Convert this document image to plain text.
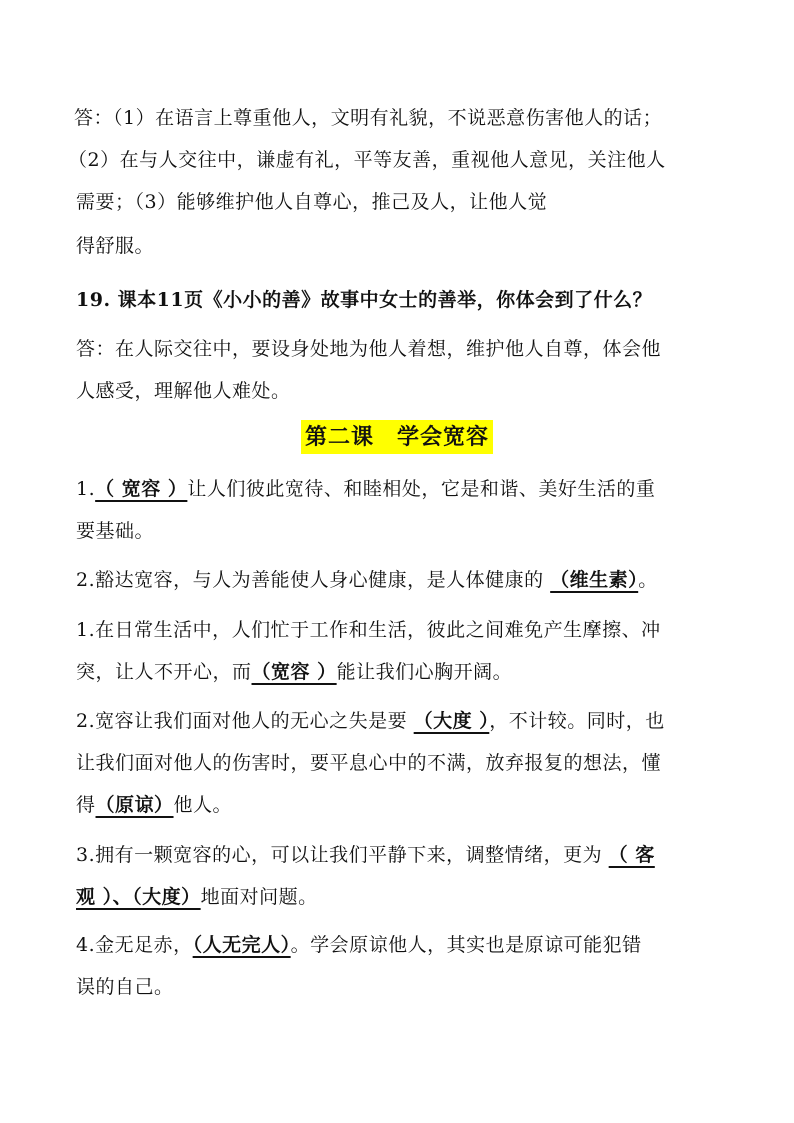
答：（1）在语言上尊重他人，文明有礼貌，不说恶意伤害他人的话；
（2）在与人交往中，谦虚有礼，平等友善，重视他人意见，关注他人
需要；（3）能够维护他人自尊心，推己及人，让他人觉
得舒服。
19. 课本11页《小小的善》故事中女士的善举，你体会到了什么？
答：在人际交往中，要设身处地为他人着想，维护他人自尊，体会他
人感受，理解他人难处。
第二课　学会宽容
1.（ 宽容 ）让人们彼此宽待、和睦相处，它是和谐、美好生活的重
要基础。
2.豁达宽容，与人为善能使人身心健康，是人体健康的 （维生素）。
1.在日常生活中，人们忙于工作和生活，彼此之间难免产生摩擦、冲
突，让人不开心，而（宽容 ）能让我们心胸开阔。
2.宽容让我们面对他人的无心之失是要 （大度 ），不计较。同时，也
让我们面对他人的伤害时，要平息心中的不满，放弃报复的想法，懂
得（原谅）他人。
3.拥有一颗宽容的心，可以让我们平静下来，调整情绪，更为 （ 客
观 ）、（大度）地面对问题。
4.金无足赤，（人无完人）。学会原谅他人，其实也是原谅可能犯错
误的自己。
